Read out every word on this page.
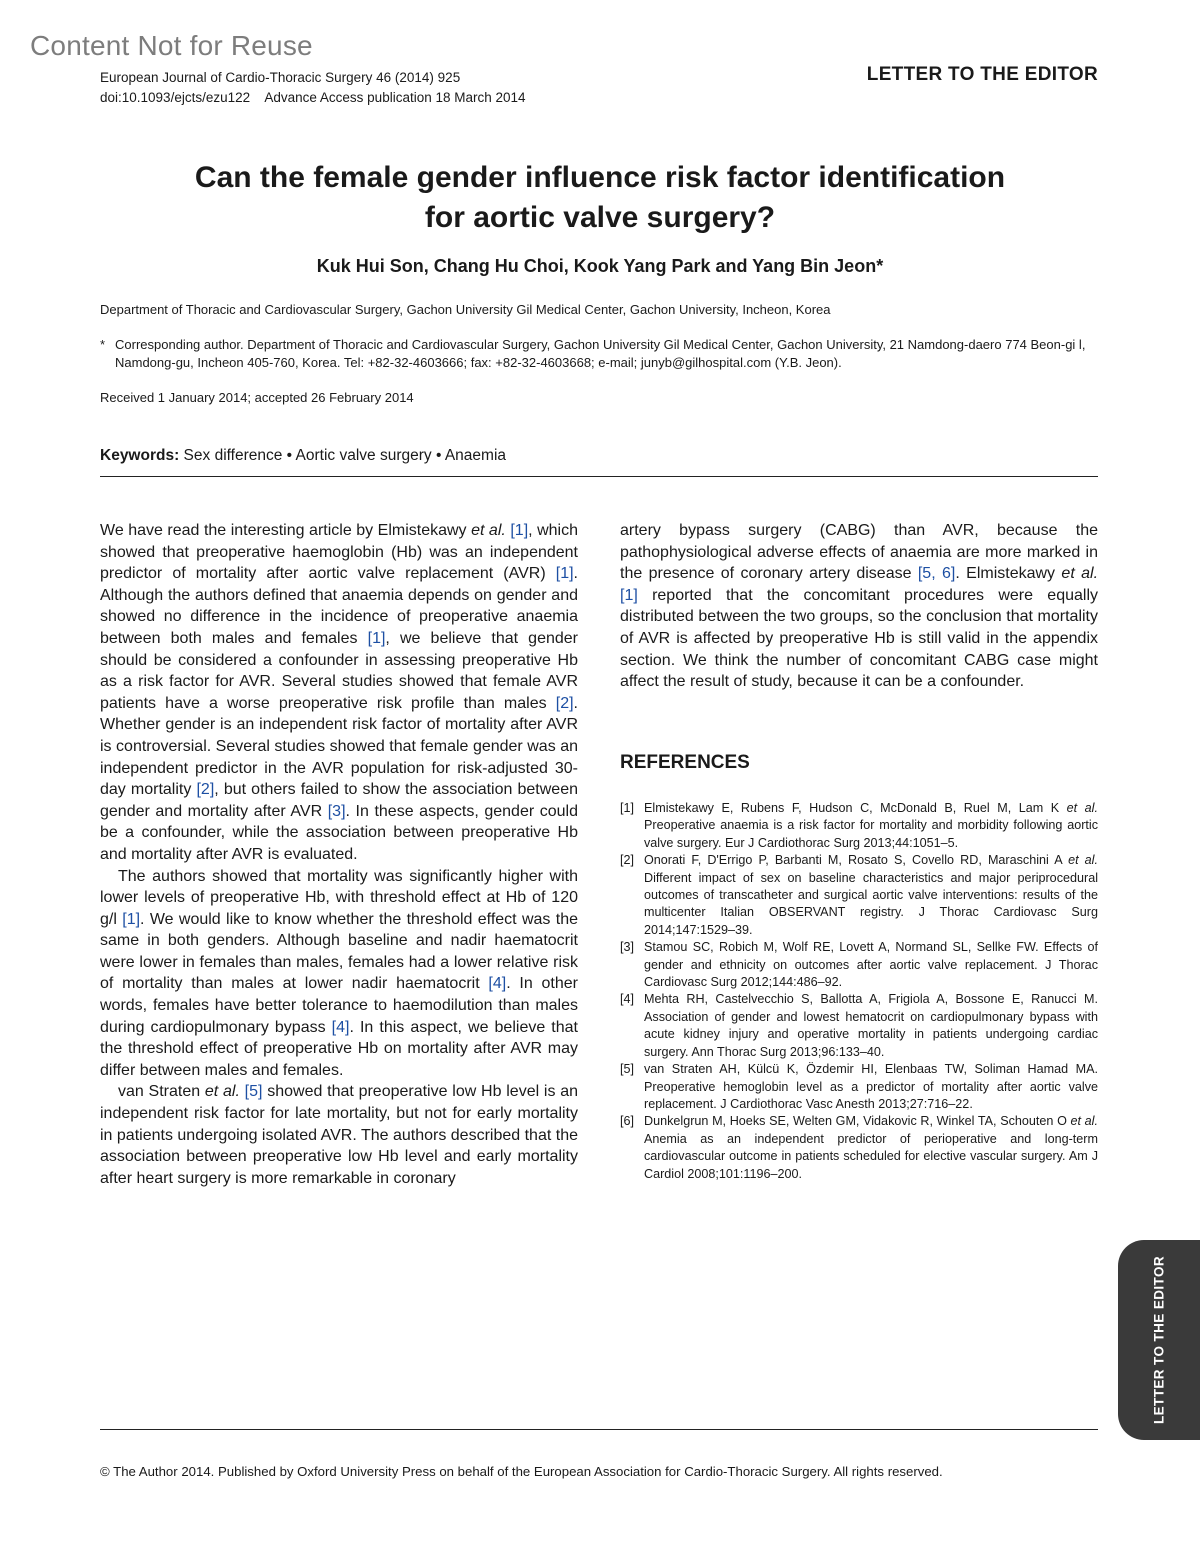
Content Not for Reuse
European Journal of Cardio-Thoracic Surgery 46 (2014) 925
doi:10.1093/ejcts/ezu122    Advance Access publication 18 March 2014
LETTER TO THE EDITOR
Can the female gender influence risk factor identification
for aortic valve surgery?
Kuk Hui Son, Chang Hu Choi, Kook Yang Park and Yang Bin Jeon*
Department of Thoracic and Cardiovascular Surgery, Gachon University Gil Medical Center, Gachon University, Incheon, Korea
* Corresponding author. Department of Thoracic and Cardiovascular Surgery, Gachon University Gil Medical Center, Gachon University, 21 Namdong-daero 774 Beon-gi l, Namdong-gu, Incheon 405-760, Korea. Tel: +82-32-4603666; fax: +82-32-4603668; e-mail; junyb@gilhospital.com (Y.B. Jeon).
Received 1 January 2014; accepted 26 February 2014
Keywords: Sex difference • Aortic valve surgery • Anaemia

We have read the interesting article by Elmistekawy et al. [1], which showed that preoperative haemoglobin (Hb) was an independent predictor of mortality after aortic valve replacement (AVR) [1]. Although the authors defined that anaemia depends on gender and showed no difference in the incidence of preoperative anaemia between both males and females [1], we believe that gender should be considered a confounder in assessing preoperative Hb as a risk factor for AVR. Several studies showed that female AVR patients have a worse preoperative risk profile than males [2]. Whether gender is an independent risk factor of mortality after AVR is controversial. Several studies showed that female gender was an independent predictor in the AVR population for risk-adjusted 30-day mortality [2], but others failed to show the association between gender and mortality after AVR [3]. In these aspects, gender could be a confounder, while the association between preoperative Hb and mortality after AVR is evaluated.

The authors showed that mortality was significantly higher with lower levels of preoperative Hb, with threshold effect at Hb of 120 g/l [1]. We would like to know whether the threshold effect was the same in both genders. Although baseline and nadir haematocrit were lower in females than males, females had a lower relative risk of mortality than males at lower nadir haematocrit [4]. In other words, females have better tolerance to haemodilution than males during cardiopulmonary bypass [4]. In this aspect, we believe that the threshold effect of preoperative Hb on mortality after AVR may differ between males and females.

van Straten et al. [5] showed that preoperative low Hb level is an independent risk factor for late mortality, but not for early mortality in patients undergoing isolated AVR. The authors described that the association between preoperative low Hb level and early mortality after heart surgery is more remarkable in coronary

artery bypass surgery (CABG) than AVR, because the pathophysiological adverse effects of anaemia are more marked in the presence of coronary artery disease [5, 6]. Elmistekawy et al. [1] reported that the concomitant procedures were equally distributed between the two groups, so the conclusion that mortality of AVR is affected by preoperative Hb is still valid in the appendix section. We think the number of concomitant CABG case might affect the result of study, because it can be a confounder.

REFERENCES
[1] Elmistekawy E, Rubens F, Hudson C, McDonald B, Ruel M, Lam K et al. Preoperative anaemia is a risk factor for mortality and morbidity following aortic valve surgery. Eur J Cardiothorac Surg 2013;44:1051–5.
[2] Onorati F, D'Errigo P, Barbanti M, Rosato S, Covello RD, Maraschini A et al. Different impact of sex on baseline characteristics and major periprocedural outcomes of transcatheter and surgical aortic valve interventions: results of the multicenter Italian OBSERVANT registry. J Thorac Cardiovasc Surg 2014;147:1529–39.
[3] Stamou SC, Robich M, Wolf RE, Lovett A, Normand SL, Sellke FW. Effects of gender and ethnicity on outcomes after aortic valve replacement. J Thorac Cardiovasc Surg 2012;144:486–92.
[4] Mehta RH, Castelvecchio S, Ballotta A, Frigiola A, Bossone E, Ranucci M. Association of gender and lowest hematocrit on cardiopulmonary bypass with acute kidney injury and operative mortality in patients undergoing cardiac surgery. Ann Thorac Surg 2013;96:133–40.
[5] van Straten AH, Külcü K, Özdemir HI, Elenbaas TW, Soliman Hamad MA. Preoperative hemoglobin level as a predictor of mortality after aortic valve replacement. J Cardiothorac Vasc Anesth 2013;27:716–22.
[6] Dunkelgrun M, Hoeks SE, Welten GM, Vidakovic R, Winkel TA, Schouten O et al. Anemia as an independent predictor of perioperative and long-term cardiovascular outcome in patients scheduled for elective vascular surgery. Am J Cardiol 2008;101:1196–200.
© The Author 2014. Published by Oxford University Press on behalf of the European Association for Cardio-Thoracic Surgery. All rights reserved.
LETTER TO THE EDITOR
